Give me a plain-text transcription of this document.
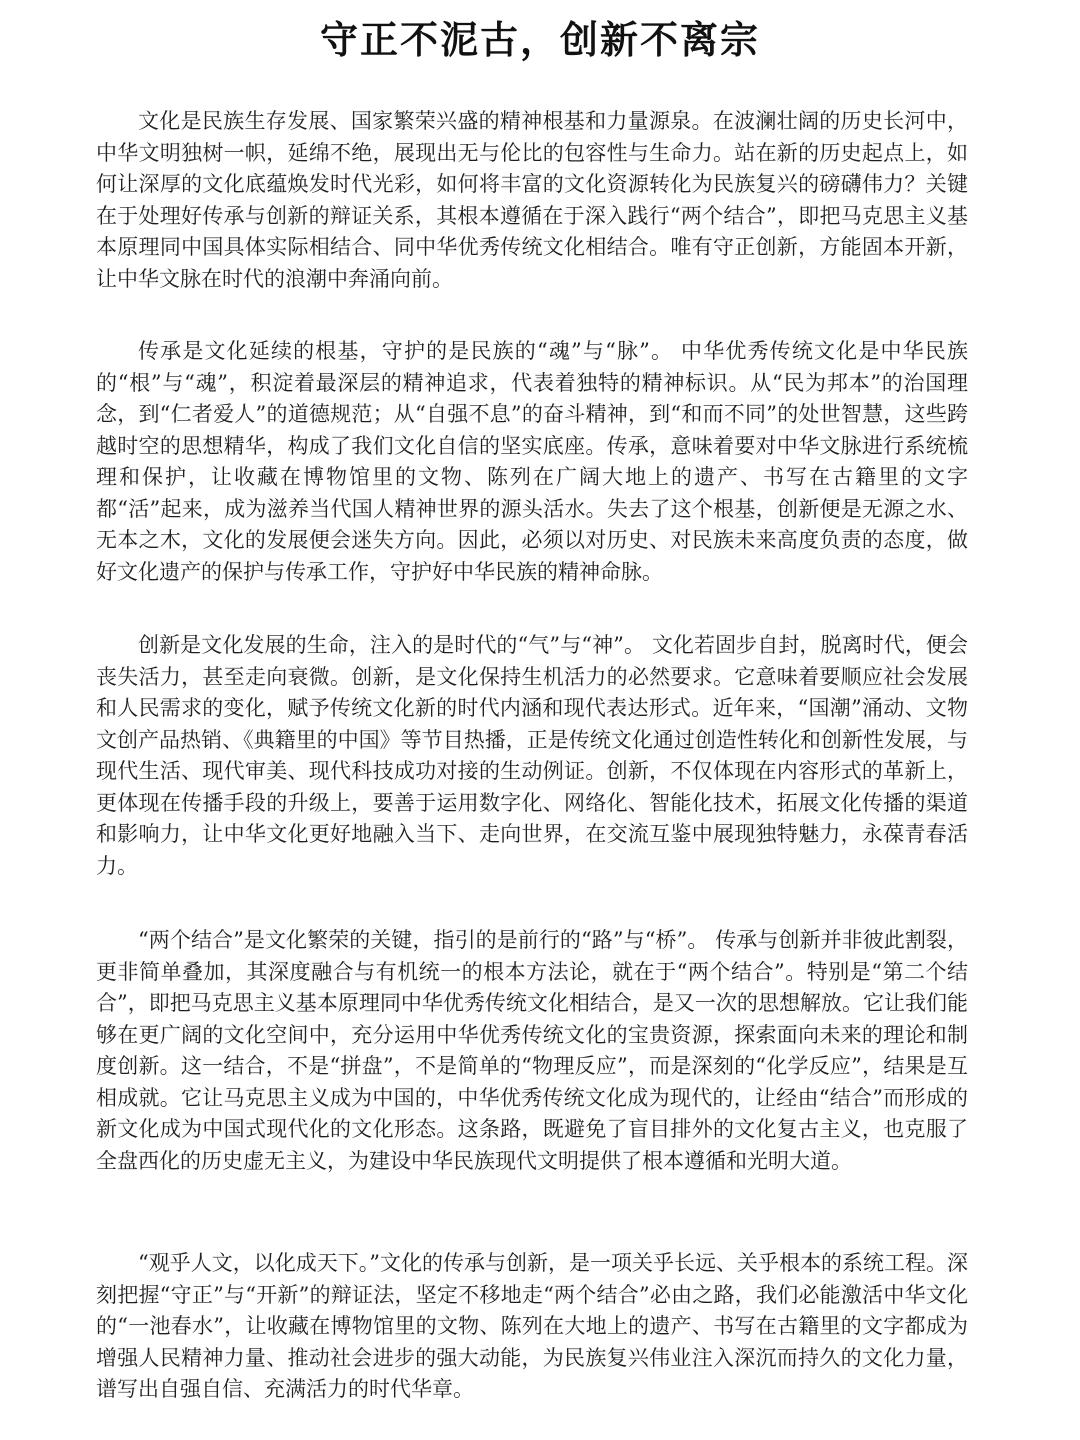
守正不泥古，创新不离宗

文化是民族生存发展、国家繁荣兴盛的精神根基和力量源泉。在波澜壮阔的历史长河中，中华文明独树一帜，延绵不绝，展现出无与伦比的包容性与生命力。站在新的历史起点上，如何让深厚的文化底蕴焕发时代光彩，如何将丰富的文化资源转化为民族复兴的磅礴伟力？关键在于处理好传承与创新的辩证关系，其根本遵循在于深入践行“两个结合”，即把马克思主义基本原理同中国具体实际相结合、同中华优秀传统文化相结合。唯有守正创新，方能固本开新，让中华文脉在时代的浪潮中奔涌向前。

传承是文化延续的根基，守护的是民族的“魂”与“脉”。 中华优秀传统文化是中华民族的“根”与“魂”，积淀着最深层的精神追求，代表着独特的精神标识。从“民为邦本”的治国理念，到“仁者爱人”的道德规范；从“自强不息”的奋斗精神，到“和而不同”的处世智慧，这些跨越时空的思想精华，构成了我们文化自信的坚实底座。传承，意味着要对中华文脉进行系统梳理和保护，让收藏在博物馆里的文物、陈列在广阔大地上的遗产、书写在古籍里的文字都“活”起来，成为滋养当代国人精神世界的源头活水。失去了这个根基，创新便是无源之水、无本之木，文化的发展便会迷失方向。因此，必须以对历史、对民族未来高度负责的态度，做好文化遗产的保护与传承工作，守护好中华民族的精神命脉。

创新是文化发展的生命，注入的是时代的“气”与“神”。 文化若固步自封，脱离时代，便会丧失活力，甚至走向衰微。创新，是文化保持生机活力的必然要求。它意味着要顺应社会发展和人民需求的变化，赋予传统文化新的时代内涵和现代表达形式。近年来，“国潮”涌动、文物文创产品热销、《典籍里的中国》等节目热播，正是传统文化通过创造性转化和创新性发展，与现代生活、现代审美、现代科技成功对接的生动例证。创新，不仅体现在内容形式的革新上，更体现在传播手段的升级上，要善于运用数字化、网络化、智能化技术，拓展文化传播的渠道和影响力，让中华文化更好地融入当下、走向世界，在交流互鉴中展现独特魅力，永葆青春活力。

“两个结合”是文化繁荣的关键，指引的是前行的“路”与“桥”。 传承与创新并非彼此割裂，更非简单叠加，其深度融合与有机统一的根本方法论，就在于“两个结合”。特别是“第二个结合”，即把马克思主义基本原理同中华优秀传统文化相结合，是又一次的思想解放。它让我们能够在更广阔的文化空间中，充分运用中华优秀传统文化的宝贵资源，探索面向未来的理论和制度创新。这一结合，不是“拼盘”，不是简单的“物理反应”，而是深刻的“化学反应”，结果是互相成就。它让马克思主义成为中国的，中华优秀传统文化成为现代的，让经由“结合”而形成的新文化成为中国式现代化的文化形态。这条路，既避免了盲目排外的文化复古主义，也克服了全盘西化的历史虚无主义，为建设中华民族现代文明提供了根本遵循和光明大道。

“观乎人文，以化成天下。”文化的传承与创新，是一项关乎长远、关乎根本的系统工程。深刻把握“守正”与“开新”的辩证法，坚定不移地走“两个结合”必由之路，我们必能激活中华文化的“一池春水”，让收藏在博物馆里的文物、陈列在大地上的遗产、书写在古籍里的文字都成为增强人民精神力量、推动社会进步的强大动能，为民族复兴伟业注入深沉而持久的文化力量，谱写出自强自信、充满活力的时代华章。
